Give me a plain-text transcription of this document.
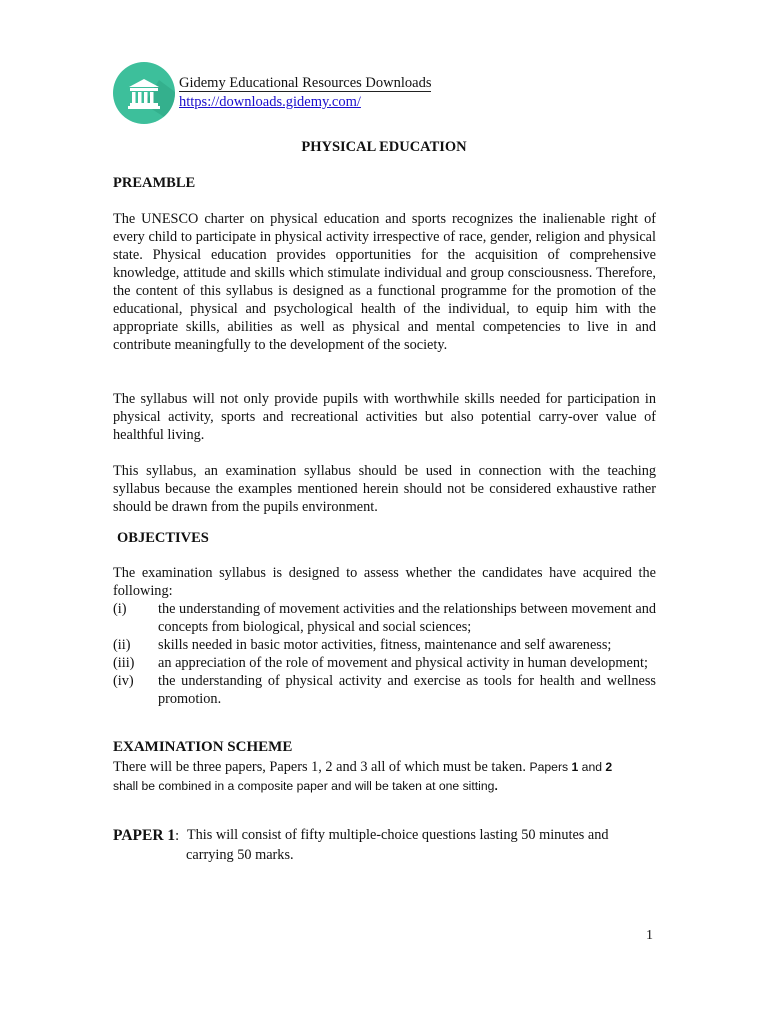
Gidemy Educational Resources Downloads
https://downloads.gidemy.com/
PHYSICAL EDUCATION
PREAMBLE

The UNESCO charter on physical education and sports recognizes the inalienable right of every child to participate in physical activity irrespective of race, gender, religion and physical state. Physical education provides opportunities for the acquisition of comprehensive knowledge, attitude and skills which stimulate individual and group consciousness. Therefore, the content of this syllabus is designed as a functional programme for the promotion of the educational, physical and psychological health of the individual, to equip him with the appropriate skills, abilities as well as physical and mental competencies to live in and contribute meaningfully to the development of the society.

The syllabus will not only provide pupils with worthwhile skills needed for participation in physical activity, sports and recreational activities but also potential carry-over value of healthful living.

This syllabus, an examination syllabus should be used in connection with the teaching syllabus because the examples mentioned herein should not be considered exhaustive rather should be drawn from the pupils environment.

OBJECTIVES

The examination syllabus is designed to assess whether the candidates have acquired the following:

(i)	the understanding of movement activities and the relationships between movement and concepts from biological, physical and social sciences;
(ii)	skills needed in basic motor activities, fitness, maintenance and self awareness;
(iii)	an appreciation of the role of movement and physical activity in human development;
(iv)	the understanding of physical activity and exercise as tools for health and wellness promotion.
EXAMINATION SCHEME
There will be three papers, Papers 1, 2 and 3 all of which must be taken. Papers 1 and 2
shall be combined in a composite paper and will be taken at one sitting.
PAPER 1: This will consist of fifty multiple-choice questions lasting 50 minutes and
carrying 50 marks.
1
